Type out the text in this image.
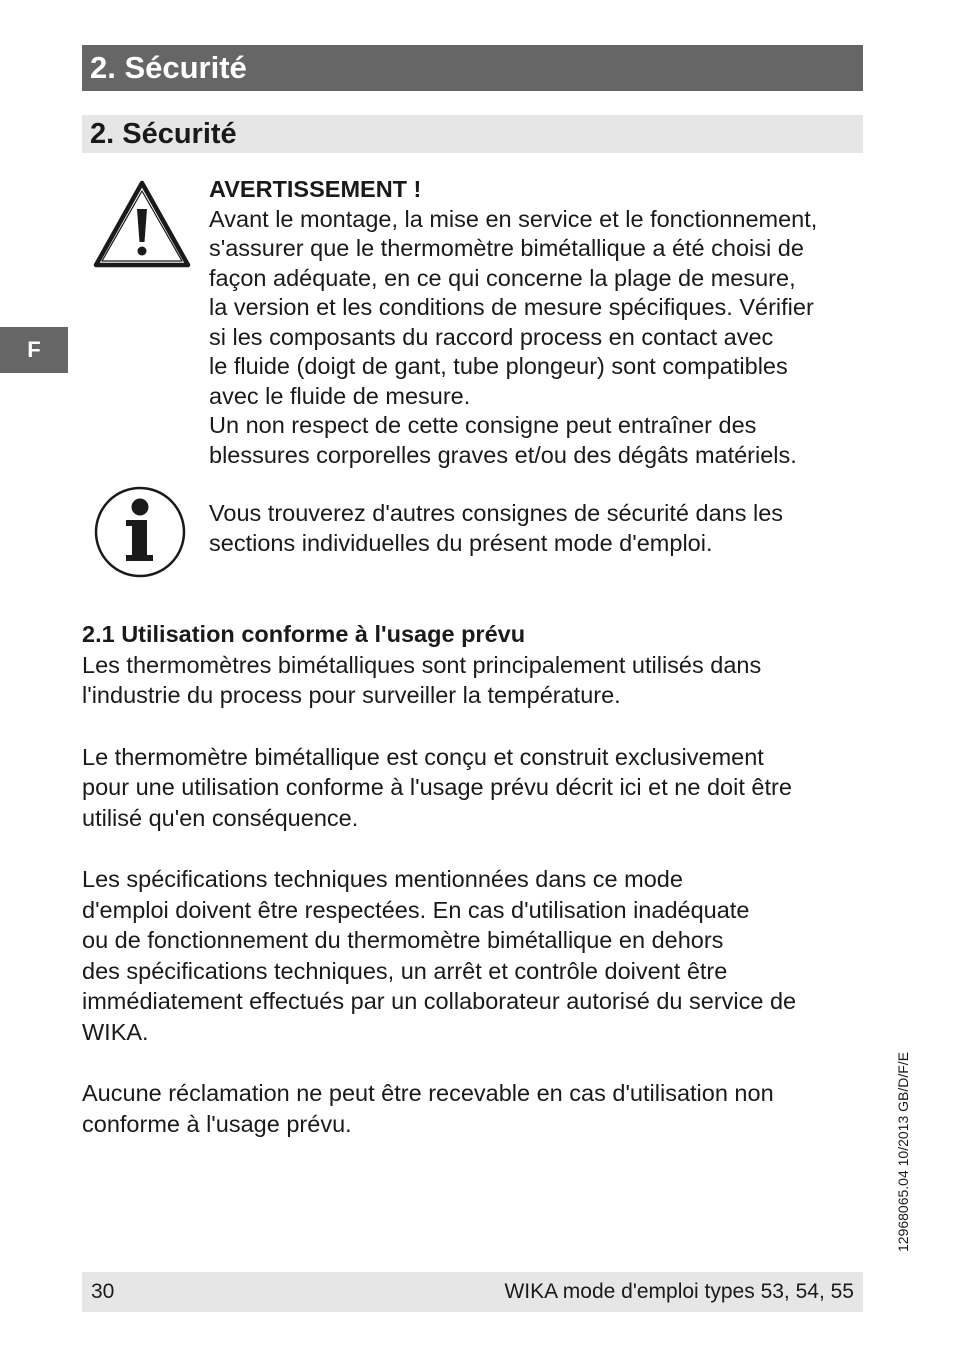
2. Sécurité
2. Sécurité
F
AVERTISSEMENT !
Avant le montage, la mise en service et le fonctionnement,
s'assurer que le thermomètre bimétallique a été choisi de
façon adéquate, en ce qui concerne la plage de mesure,
la version et les conditions de mesure spécifiques. Vérifier
si les composants du raccord process en contact avec
le fluide (doigt de gant, tube plongeur) sont compatibles
avec le fluide de mesure.
Un non respect de cette consigne peut entraîner des
blessures corporelles graves et/ou des dégâts matériels.
Vous trouverez d'autres consignes de sécurité dans les
sections individuelles du présent mode d'emploi.
2.1 Utilisation conforme à l'usage prévu
Les thermomètres bimétalliques sont principalement utilisés dans
l'industrie du process pour surveiller la température.
Le thermomètre bimétallique est conçu et construit exclusivement
pour une utilisation conforme à l'usage prévu décrit ici et ne doit être
utilisé qu'en conséquence.
Les spécifications techniques mentionnées dans ce mode
d'emploi doivent être respectées. En cas d'utilisation inadéquate
ou de fonctionnement du thermomètre bimétallique en dehors
des spécifications techniques, un arrêt et contrôle doivent être
immédiatement effectués par un collaborateur autorisé du service de
WIKA.
Aucune réclamation ne peut être recevable en cas d'utilisation non
conforme à l'usage prévu.	12968065.04 10/2013 GB/D/F/E
30	WIKA mode d'emploi types 53, 54, 55
